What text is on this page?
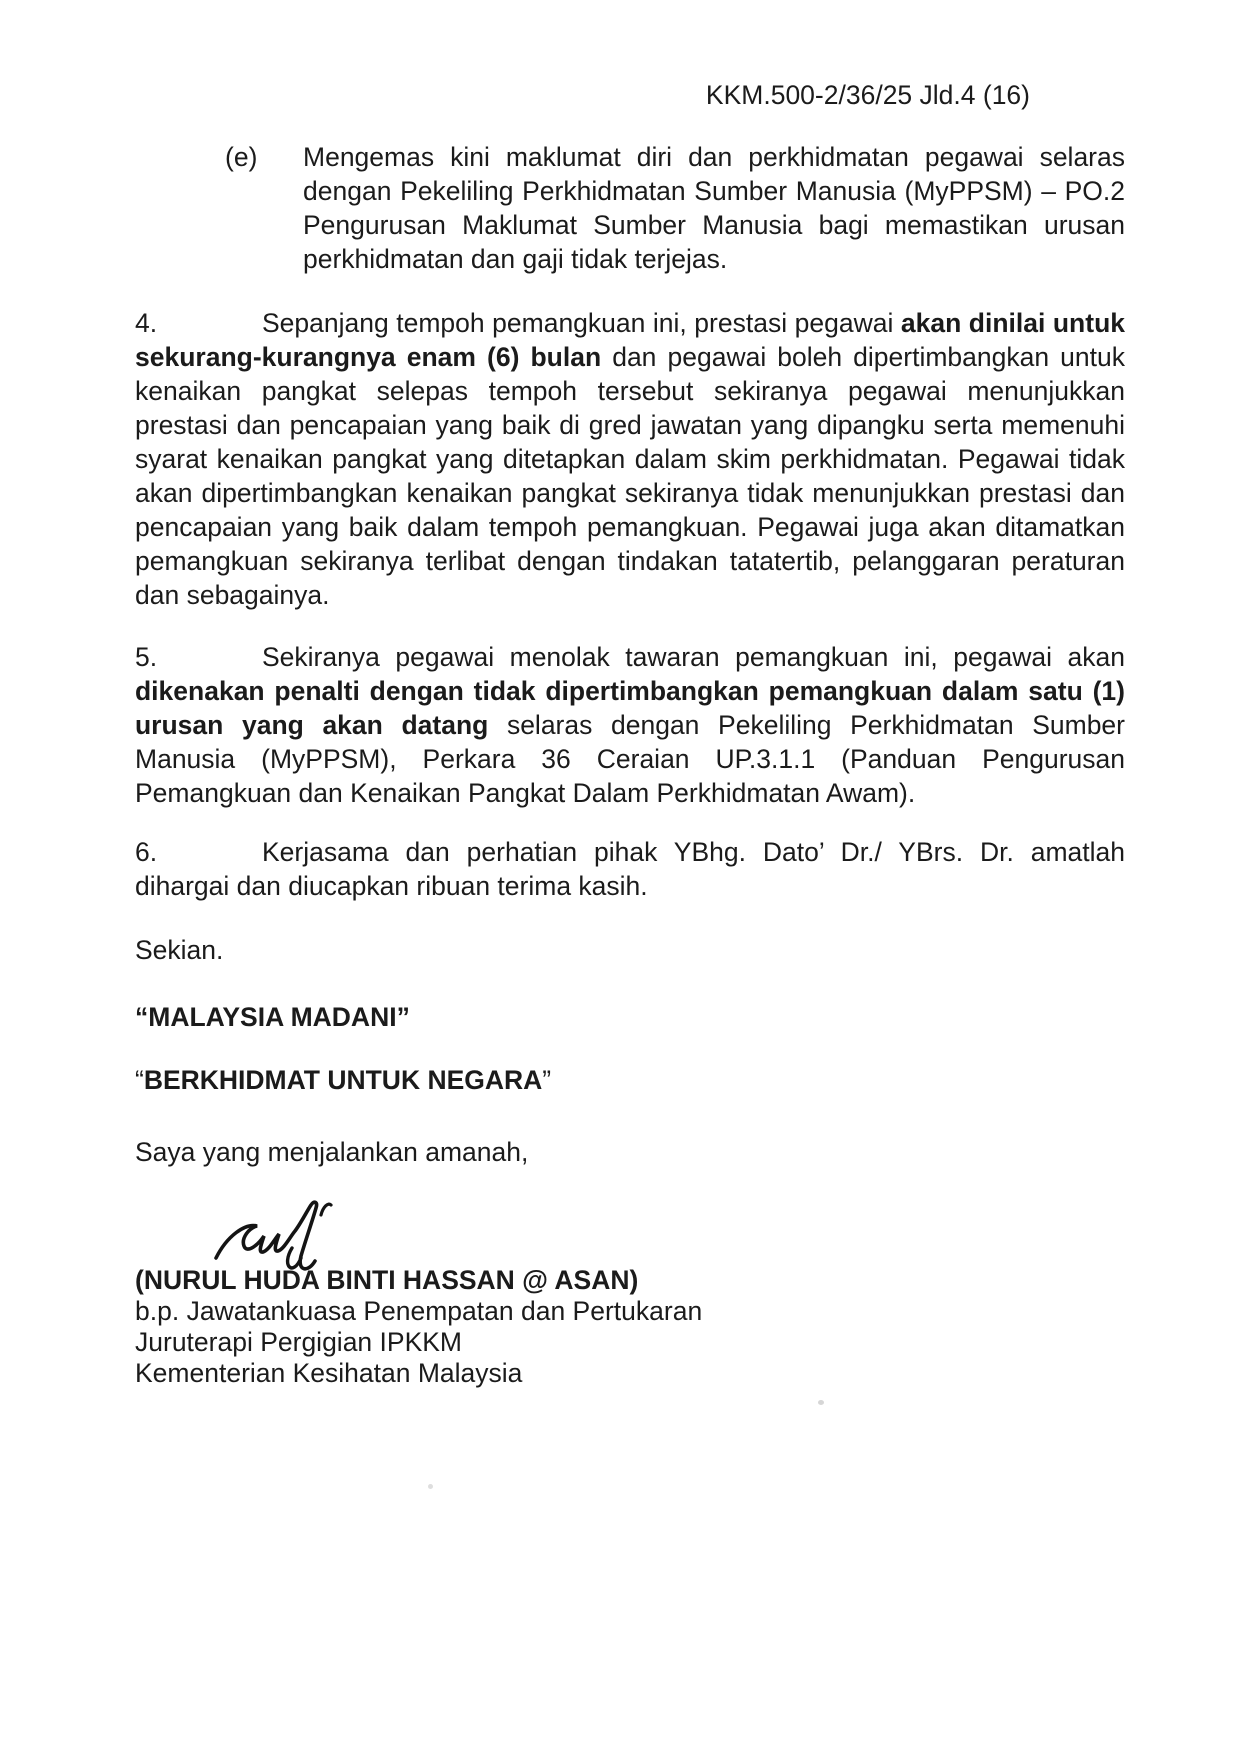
KKM.500-2/36/25 Jld.4 (16)
(e) Mengemas kini maklumat diri dan perkhidmatan pegawai selaras dengan Pekeliling Perkhidmatan Sumber Manusia (MyPPSM) – PO.2 Pengurusan Maklumat Sumber Manusia bagi memastikan urusan perkhidmatan dan gaji tidak terjejas.

4.	Sepanjang tempoh pemangkuan ini, prestasi pegawai akan dinilai untuk sekurang-kurangnya enam (6) bulan dan pegawai boleh dipertimbangkan untuk kenaikan pangkat selepas tempoh tersebut sekiranya pegawai menunjukkan prestasi dan pencapaian yang baik di gred jawatan yang dipangku serta memenuhi syarat kenaikan pangkat yang ditetapkan dalam skim perkhidmatan. Pegawai tidak akan dipertimbangkan kenaikan pangkat sekiranya tidak menunjukkan prestasi dan pencapaian yang baik dalam tempoh pemangkuan. Pegawai juga akan ditamatkan pemangkuan sekiranya terlibat dengan tindakan tatatertib, pelanggaran peraturan dan sebagainya.

5.	Sekiranya pegawai menolak tawaran pemangkuan ini, pegawai akan dikenakan penalti dengan tidak dipertimbangkan pemangkuan dalam satu (1) urusan yang akan datang selaras dengan Pekeliling Perkhidmatan Sumber Manusia (MyPPSM), Perkara 36 Ceraian UP.3.1.1 (Panduan Pengurusan Pemangkuan dan Kenaikan Pangkat Dalam Perkhidmatan Awam).

6.	Kerjasama dan perhatian pihak YBhg. Dato’ Dr./ YBrs. Dr. amatlah dihargai dan diucapkan ribuan terima kasih.

Sekian.

“MALAYSIA MADANI”

“BERKHIDMAT UNTUK NEGARA”

Saya yang menjalankan amanah,

(NURUL HUDA BINTI HASSAN @ ASAN)
b.p. Jawatankuasa Penempatan dan Pertukaran
Juruterapi Pergigian IPKKM
Kementerian Kesihatan Malaysia
